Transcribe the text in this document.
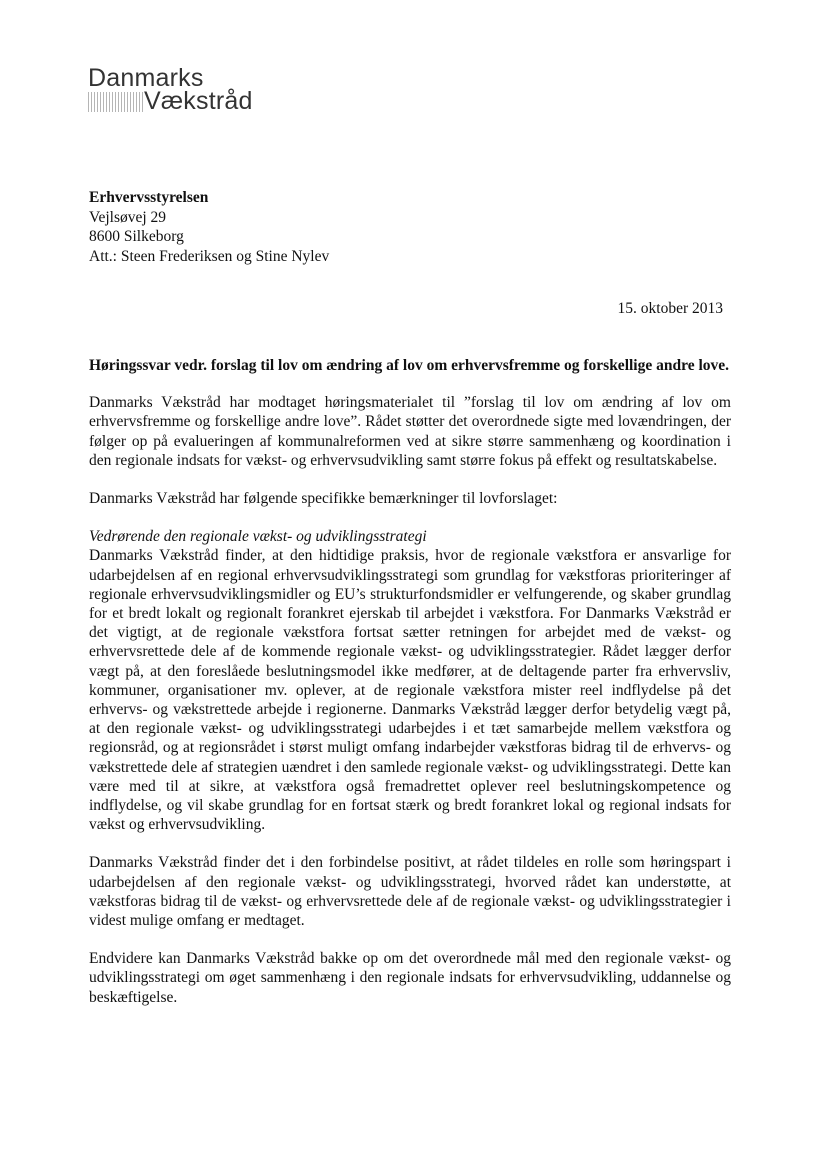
Danmarks
Vækstråd
Erhvervsstyrelsen
Vejlsøvej 29
8600 Silkeborg
Att.: Steen Frederiksen og Stine Nylev
15. oktober 2013

Høringssvar vedr. forslag til lov om ændring af lov om erhvervsfremme og forskellige andre love.

Danmarks Vækstråd har modtaget høringsmaterialet til ”forslag til lov om ændring af lov om erhvervsfremme og forskellige andre love”. Rådet støtter det overordnede sigte med lovændringen, der følger op på evalueringen af kommunalreformen ved at sikre større sammenhæng og koordination i den regionale indsats for vækst- og erhvervsudvikling samt større fokus på effekt og resultatskabelse.

Danmarks Vækstråd har følgende specifikke bemærkninger til lovforslaget:

Vedrørende den regionale vækst- og udviklingsstrategi

Danmarks Vækstråd finder, at den hidtidige praksis, hvor de regionale vækstfora er ansvarlige for udarbejdelsen af en regional erhvervsudviklingsstrategi som grundlag for vækstforas prioriteringer af regionale erhvervsudviklingsmidler og EU’s strukturfondsmidler er velfungerende, og skaber grundlag for et bredt lokalt og regionalt forankret ejerskab til arbejdet i vækstfora. For Danmarks Vækstråd er det vigtigt, at de regionale vækstfora fortsat sætter retningen for arbejdet med de vækst- og erhvervsrettede dele af de kommende regionale vækst- og udviklingsstrategier. Rådet lægger derfor vægt på, at den foreslåede beslutningsmodel ikke medfører, at de deltagende parter fra erhvervsliv, kommuner, organisationer mv. oplever, at de regionale vækstfora mister reel indflydelse på det erhvervs- og vækstrettede arbejde i regionerne. Danmarks Vækstråd lægger derfor betydelig vægt på, at den regionale vækst- og udviklingsstrategi udarbejdes i et tæt samarbejde mellem vækstfora og regionsråd, og at regionsrådet i størst muligt omfang indarbejder vækstforas bidrag til de erhvervs- og vækstrettede dele af strategien uændret i den samlede regionale vækst- og udviklingsstrategi. Dette kan være med til at sikre, at vækstfora også fremadrettet oplever reel beslutningskompetence og indflydelse, og vil skabe grundlag for en fortsat stærk og bredt forankret lokal og regional indsats for vækst og erhvervsudvikling.

Danmarks Vækstråd finder det i den forbindelse positivt, at rådet tildeles en rolle som høringspart i udarbejdelsen af den regionale vækst- og udviklingsstrategi, hvorved rådet kan understøtte, at vækstforas bidrag til de vækst- og erhvervsrettede dele af de regionale vækst- og udviklingsstrategier i videst mulige omfang er medtaget.

Endvidere kan Danmarks Vækstråd bakke op om det overordnede mål med den regionale vækst- og udviklingsstrategi om øget sammenhæng i den regionale indsats for erhvervsudvikling, uddannelse og beskæftigelse.
